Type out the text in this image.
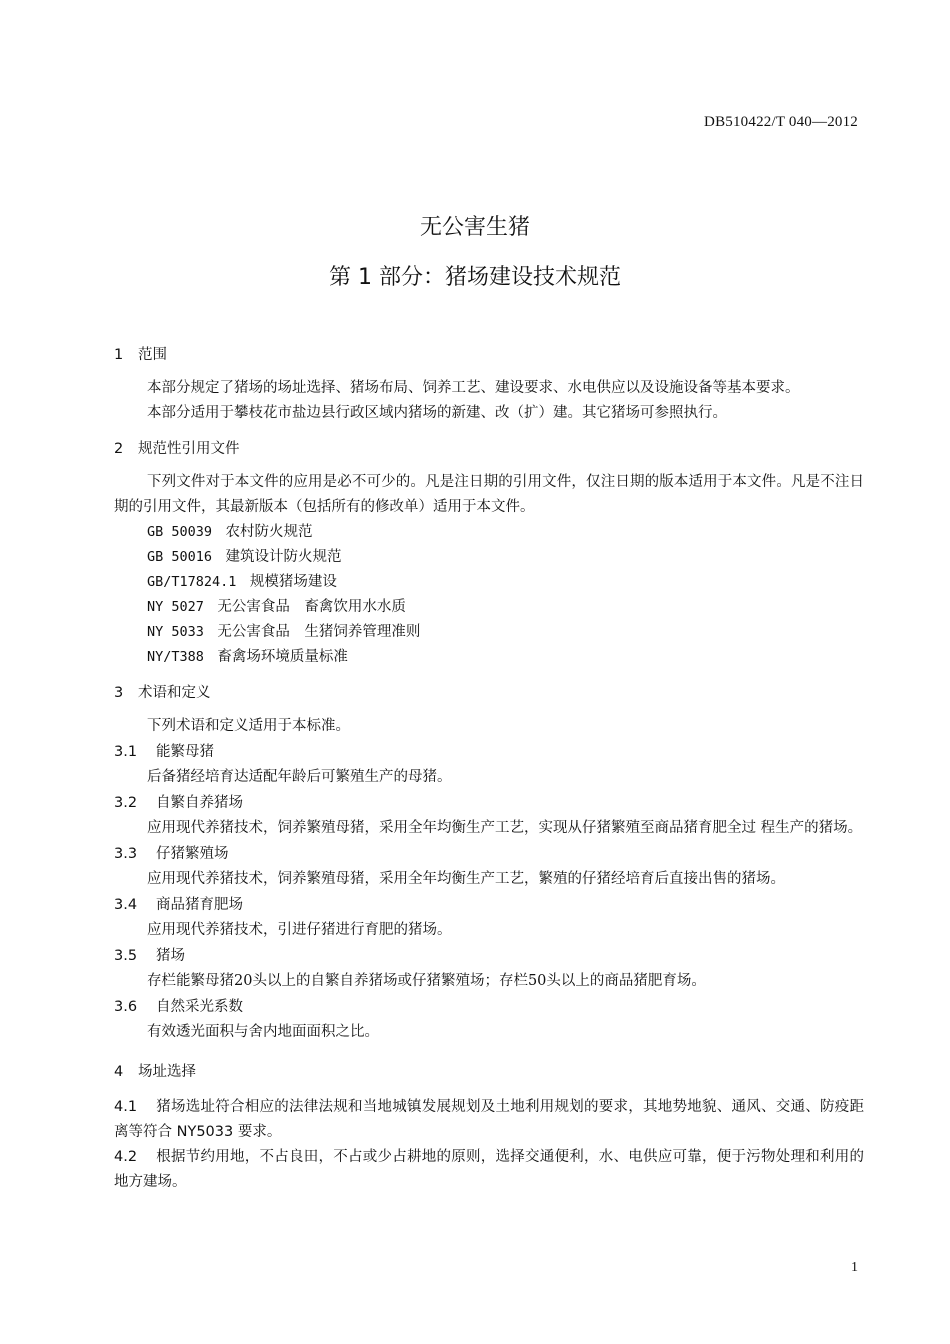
DB510422/T 040—2012
无公害生猪
第 1 部分：猪场建设技术规范

1 范围

本部分规定了猪场的场址选择、猪场布局、饲养工艺、建设要求、水电供应以及设施设备等基本要求。

本部分适用于攀枝花市盐边县行政区域内猪场的新建、改（扩）建。其它猪场可参照执行。

2 规范性引用文件

下列文件对于本文件的应用是必不可少的。凡是注日期的引用文件，仅注日期的版本适用于本文件。凡是不注日期的引用文件，其最新版本（包括所有的修改单）适用于本文件。

GB 50039　 农村防火规范

GB 50016　 建筑设计防火规范

GB/T17824.1　 规模猪场建设

NY 5027　 无公害食品　畜禽饮用水水质

NY 5033　 无公害食品　生猪饲养管理准则

NY/T388　 畜禽场环境质量标准

3 术语和定义

下列术语和定义适用于本标准。

3.1 能繁母猪

后备猪经培育达适配年龄后可繁殖生产的母猪。

3.2 自繁自养猪场

应用现代养猪技术，饲养繁殖母猪，采用全年均衡生产工艺，实现从仔猪繁殖至商品猪育肥全过 程生产的猪场。

3.3 仔猪繁殖场

应用现代养猪技术，饲养繁殖母猪，采用全年均衡生产工艺，繁殖的仔猪经培育后直接出售的猪场。

3.4 商品猪育肥场

应用现代养猪技术，引进仔猪进行育肥的猪场。

3.5 猪场

存栏能繁母猪20头以上的自繁自养猪场或仔猪繁殖场；存栏50头以上的商品猪肥育场。

3.6 自然采光系数

有效透光面积与舍内地面面积之比。

4 场址选择

4.1 猪场选址符合相应的法律法规和当地城镇发展规划及土地利用规划的要求，其地势地貌、通风、交通、防疫距离等符合 NY5033 要求。

4.2 根据节约用地，不占良田，不占或少占耕地的原则，选择交通便利，水、电供应可靠，便于污物处理和利用的地方建场。

1
